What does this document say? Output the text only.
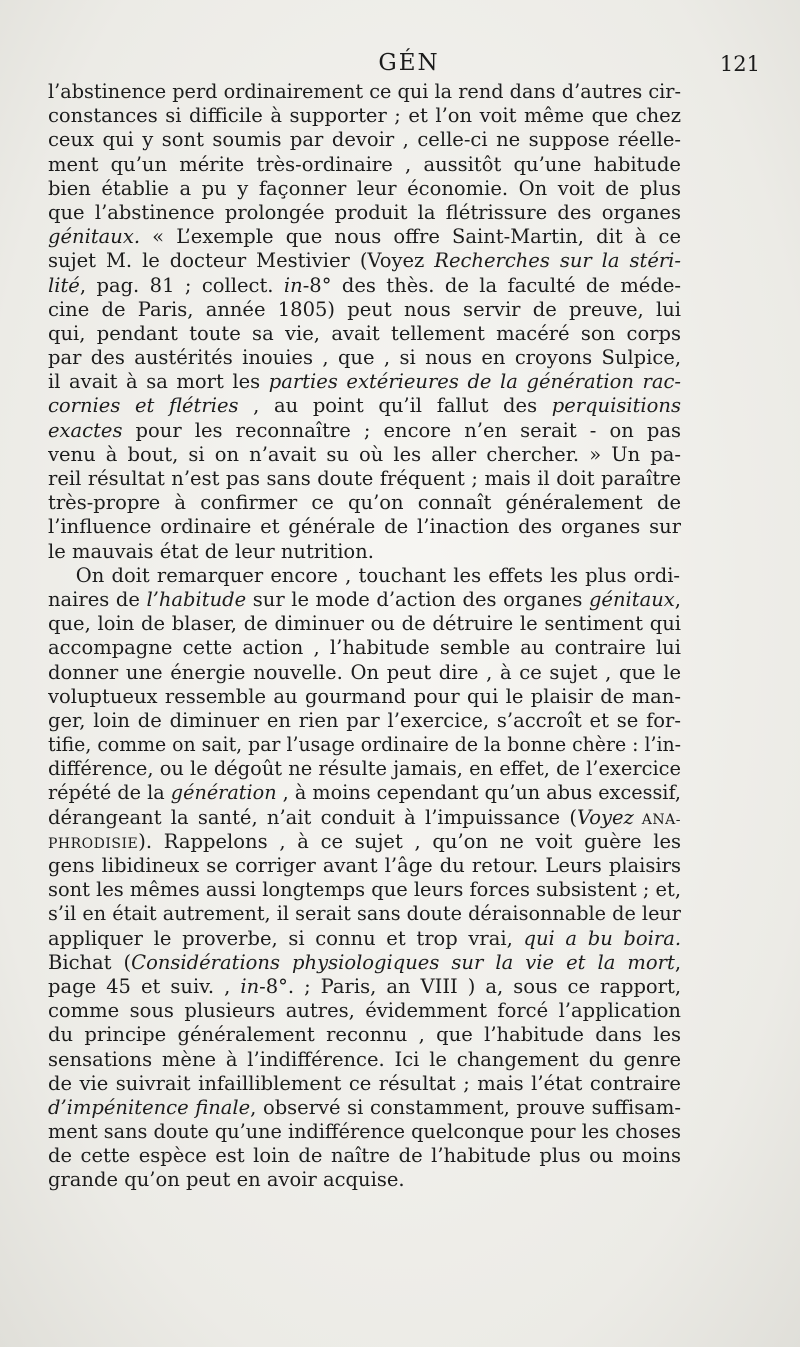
GÉN	121
l’abstinence perd ordinairement ce qui la rend dans d’autres cir-
constances si difficile à supporter ; et l’on voit même que chez
ceux qui y sont soumis par devoir , celle-ci ne suppose réelle-
ment qu’un mérite très-ordinaire , aussitôt qu’une habitude
bien établie a pu y façonner leur économie. On voit de plus
que l’abstinence prolongée produit la flétrissure des organes
génitaux. « L’exemple que nous offre Saint-Martin, dit à ce
sujet M. le docteur Mestivier (Voyez Recherches sur la stéri-
lité, pag. 81 ; collect. in-8° des thès. de la faculté de méde-
cine de Paris, année 1805) peut nous servir de preuve, lui
qui, pendant toute sa vie, avait tellement macéré son corps
par des austérités inouies , que , si nous en croyons Sulpice,
il avait à sa mort les parties extérieures de la génération rac-
cornies et flétries , au point qu’il fallut des perquisitions
exactes pour les reconnaître ; encore n’en serait - on pas
venu à bout, si on n’avait su où les aller chercher. » Un pa-
reil résultat n’est pas sans doute fréquent ; mais il doit paraître
très-propre à confirmer ce qu’on connaît généralement de
l’influence ordinaire et générale de l’inaction des organes sur
le mauvais état de leur nutrition.
On doit remarquer encore , touchant les effets les plus ordi-
naires de l’habitude sur le mode d’action des organes génitaux,
que, loin de blaser, de diminuer ou de détruire le sentiment qui
accompagne cette action , l’habitude semble au contraire lui
donner une énergie nouvelle. On peut dire , à ce sujet , que le
voluptueux ressemble au gourmand pour qui le plaisir de man-
ger, loin de diminuer en rien par l’exercice, s’accroît et se for-
tifie, comme on sait, par l’usage ordinaire de la bonne chère : l’in-
différence, ou le dégoût ne résulte jamais, en effet, de l’exercice
répété de la génération , à moins cependant qu’un abus excessif,
dérangeant la santé, n’ait conduit à l’impuissance (Voyez ANA-
PHRODISIE). Rappelons , à ce sujet , qu’on ne voit guère les
gens libidineux se corriger avant l’âge du retour. Leurs plaisirs
sont les mêmes aussi longtemps que leurs forces subsistent ; et,
s’il en était autrement, il serait sans doute déraisonnable de leur
appliquer le proverbe, si connu et trop vrai, qui a bu boira.
Bichat (Considérations physiologiques sur la vie et la mort,
page 45 et suiv. , in-8°. ; Paris, an VIII ) a, sous ce rapport,
comme sous plusieurs autres, évidemment forcé l’application
du principe généralement reconnu , que l’habitude dans les
sensations mène à l’indifférence. Ici le changement du genre
de vie suivrait infailliblement ce résultat ; mais l’état contraire
d’impénitence finale, observé si constamment, prouve suffisam-
ment sans doute qu’une indifférence quelconque pour les choses
de cette espèce est loin de naître de l’habitude plus ou moins
grande qu’on peut en avoir acquise.
